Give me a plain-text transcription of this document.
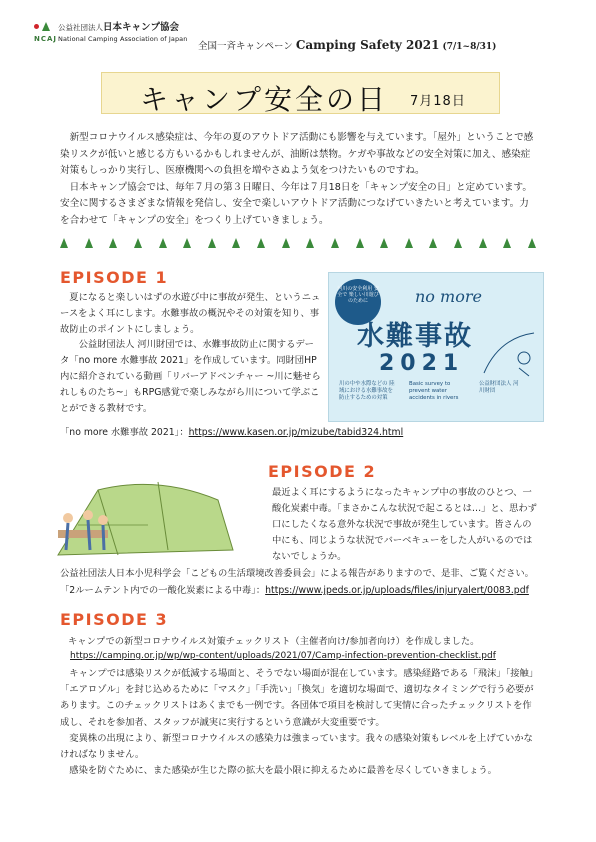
NCAJ
公益社団法人日本キャンプ協会
National Camping Association of Japan
全国一斉キャンペーン Camping Safety 2021 (7/1~8/31)
キャンプ安全の日 7月18日

新型コロナウイルス感染症は、今年の夏のアウトドア活動にも影響を与えています。「屋外」ということで感染リスクが低いと感じる方もいるかもしれませんが、油断は禁物。ケガや事故などの安全対策に加え、感染症対策もしっかり実行し、医療機関への負担を増やさぬよう気をつけたいものですね。

日本キャンプ協会では、毎年７月の第３日曜日、今年は７月18日を「キャンプ安全の日」と定めています。安全に関するさまざまな情報を発信し、安全で楽しいアウトドア活動につなげていきたいと考えています。力を合わせて「キャンプの安全」をつくり上げていきましょう。

EPISODE 1
夏になると楽しいはずの水遊び中に事故が発生、というニュースをよく耳にします。水難事故の概況やその対策を知り、事故防止のポイントにしましょう。
公益財団法人 河川財団では、水難事故防止に関するデータ「no more 水難事故 2021」を作成しています。同財団HP内に紹介されている動画「リバーアドベンチャー ~川に魅せられしものたち~」もRPG感覚で楽しみながら川について学ぶことができる教材です。
「no more 水難事故 2021」：https://www.kasen.or.jp/mizube/tabid324.html
河川の安全利用 安全で 楽しい川遊び のために	no more
水難事故
2021
川の中や水際などの 陸域における水難事故を 防止するための対策
Basic survey to prevent water accidents in rivers
公益財団法人 河川財団
EPISODE 2
最近よく耳にするようになったキャンプ中の事故のひとつ、一酸化炭素中毒。「まさかこんな状況で起こるとは…」と、思わず口にしたくなる意外な状況で事故が発生しています。皆さんの中にも、同じような状況でバーベキューをした人がいるのではないでしょうか。
公益社団法人日本小児科学会「こどもの生活環境改善委員会」による報告がありますので、是非、ご覧ください。
「2ルームテント内での一酸化炭素による中毒」：https://www.jpeds.or.jp/uploads/files/injuryalert/0083.pdf
EPISODE 3
キャンプでの新型コロナウイルス対策チェックリスト（主催者向け/参加者向け）を作成しました。
https://camping.or.jp/wp/wp-content/uploads/2021/07/Camp-infection-prevention-checklist.pdf
キャンプでは感染リスクが低減する場面と、そうでない場面が混在しています。感染経路である「飛沫」「接触」「エアロゾル」を封じ込めるために「マスク」「手洗い」「換気」を適切な場面で、適切なタイミングで行う必要があります。このチェックリストはあくまでも一例です。各団体で項目を検討して実情に合ったチェックリストを作成し、それを参加者、スタッフが誠実に実行するという意識が大変重要です。
変異株の出現により、新型コロナウイルスの感染力は強まっています。我々の感染対策もレベルを上げていかなければなりません。
感染を防ぐために、また感染が生じた際の拡大を最小限に抑えるために最善を尽くしていきましょう。
